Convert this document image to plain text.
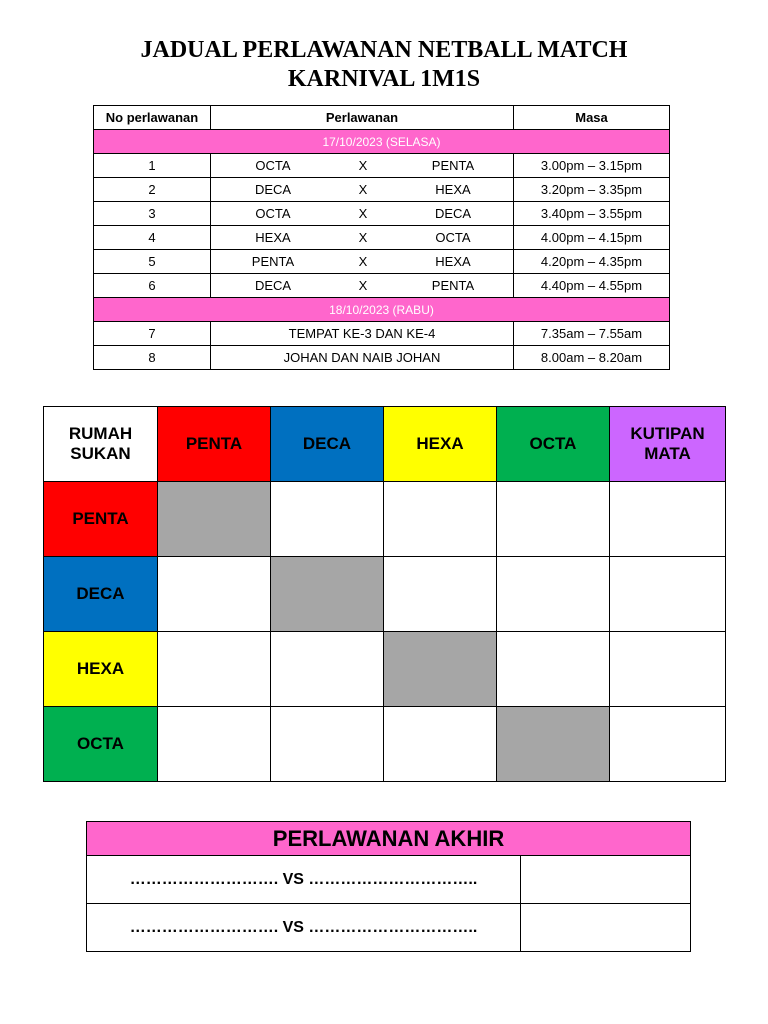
JADUAL PERLAWANAN NETBALL MATCH
KARNIVAL 1M1S
No perlawanan	Perlawanan	Masa
17/10/2023 (SELASA)		
1	OCTA X PENTA	3.00pm – 3.15pm
2	DECA X HEXA	3.20pm – 3.35pm
3	OCTA X DECA	3.40pm – 3.55pm
4	HEXA X OCTA	4.00pm – 4.15pm
5	PENTA X HEXA	4.20pm – 4.35pm
6	DECA X PENTA	4.40pm – 4.55pm
18/10/2023 (RABU)		
7	TEMPAT KE-3 DAN KE-4	7.35am – 7.55am
8	JOHAN DAN NAIB JOHAN	8.00am – 8.20am
RUMAH
SUKAN	PENTA	DECA	HEXA	OCTA	KUTIPAN
MATA
PENTA					
DECA					
HEXA					
OCTA					
PERLAWANAN AKHIR	
………………………. VS …………………………..	
………………………. VS …………………………..	
